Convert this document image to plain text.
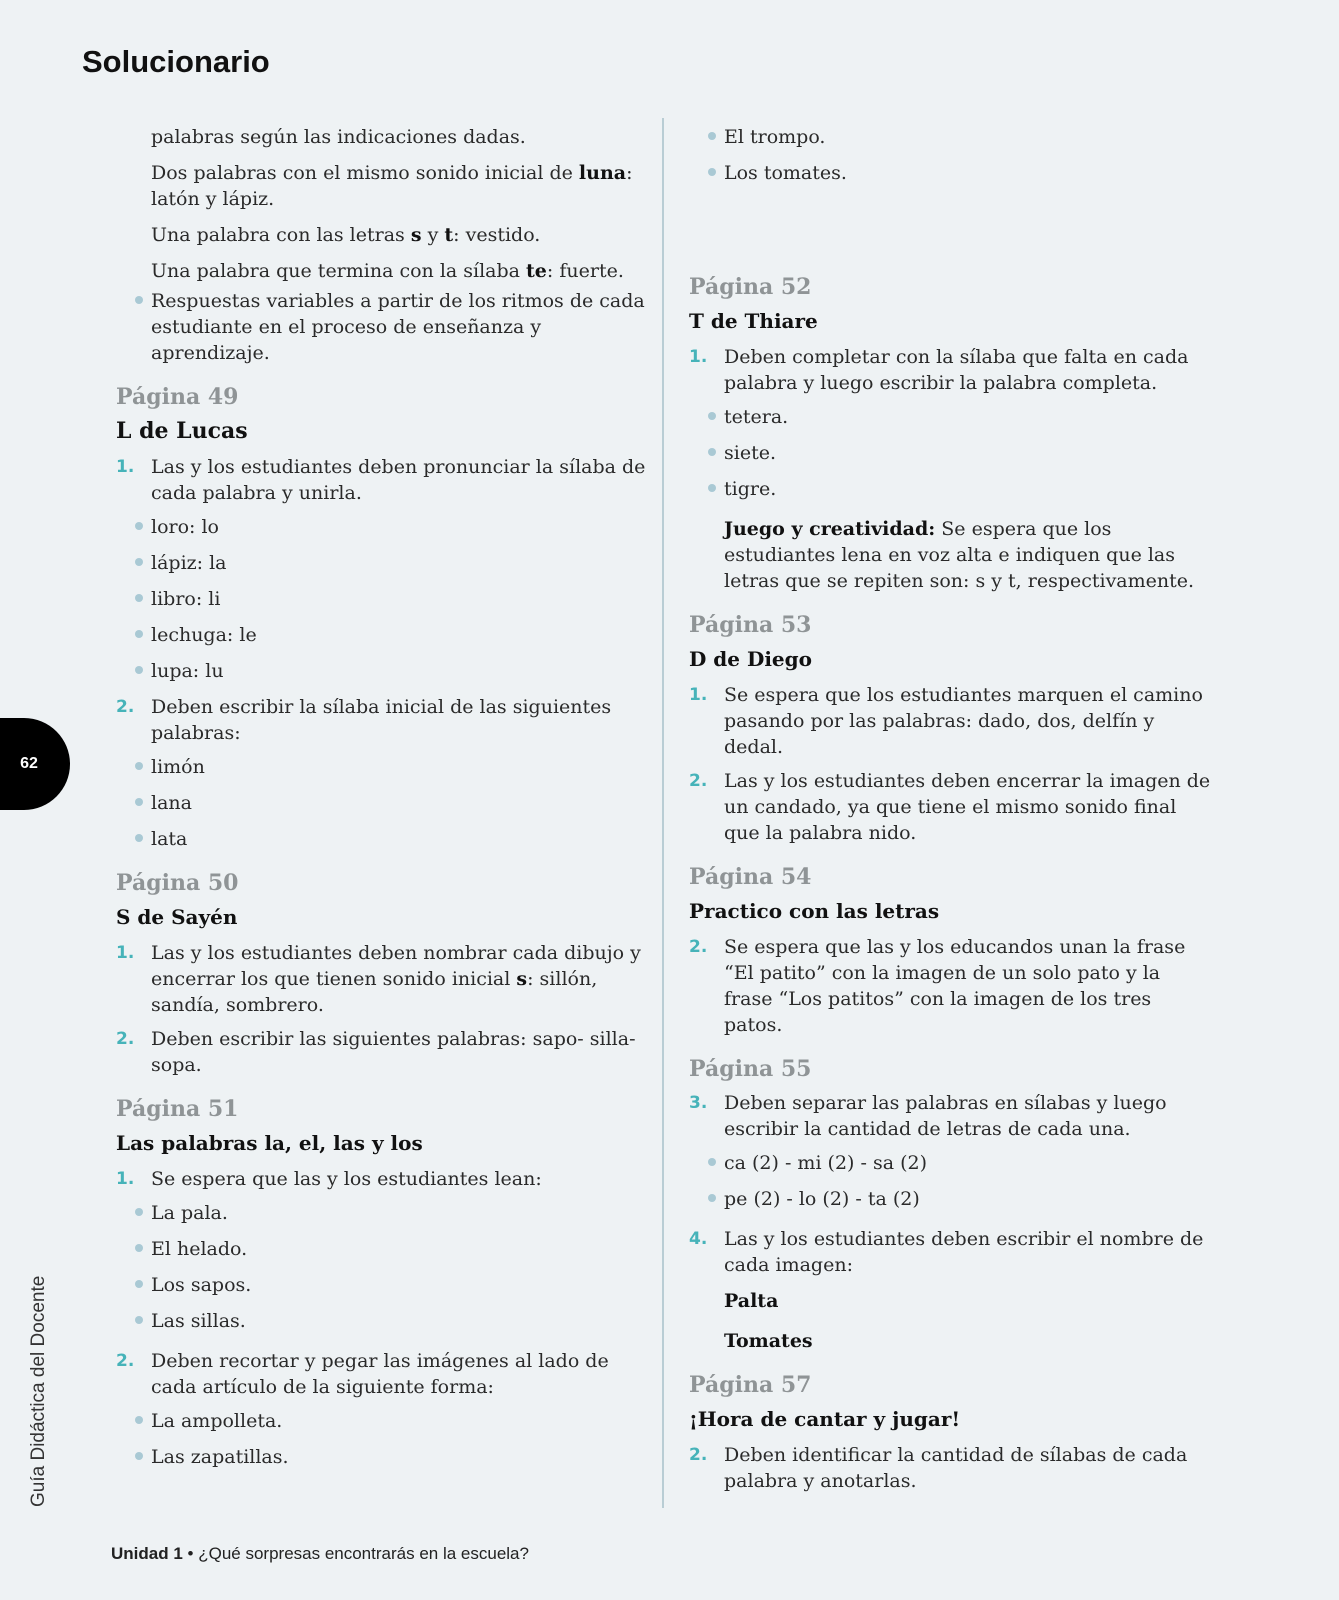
Solucionario
62
Guía Didáctica del Docente
palabras según las indicaciones dadas.
Dos palabras con el mismo sonido inicial de luna: latón y lápiz.
Una palabra con las letras s y t: vestido.
Una palabra que termina con la sílaba te: fuerte.
Respuestas variables a partir de los ritmos de cada estudiante en el proceso de enseñanza y aprendizaje.
Página 49
L de Lucas
1. Las y los estudiantes deben pronunciar la sílaba de cada palabra y unirla.
loro: lo
lápiz: la
libro: li
lechuga: le
lupa: lu
2. Deben escribir la sílaba inicial de las siguientes palabras:
limón
lana
lata
Página 50
S de Sayén
1. Las y los estudiantes deben nombrar cada dibujo y encerrar los que tienen sonido inicial s: sillón, sandía, sombrero.
2. Deben escribir las siguientes palabras: sapo- silla- sopa.
Página 51
Las palabras la, el, las y los
1. Se espera que las y los estudiantes lean:
La pala.
El helado.
Los sapos.
Las sillas.
2. Deben recortar y pegar las imágenes al lado de cada artículo de la siguiente forma:
La ampolleta.
Las zapatillas.
El trompo.
Los tomates.
Página 52
T de Thiare
1. Deben completar con la sílaba que falta en cada palabra y luego escribir la palabra completa.
tetera.
siete.
tigre.
Juego y creatividad: Se espera que los estudiantes lena en voz alta e indiquen que las letras que se repiten son: s y t, respectivamente.
Página 53
D de Diego
1. Se espera que los estudiantes marquen el camino pasando por las palabras: dado, dos, delfín y dedal.
2. Las y los estudiantes deben encerrar la imagen de un candado, ya que tiene el mismo sonido final que la palabra nido.
Página 54
Practico con las letras
2. Se espera que las y los educandos unan la frase “El patito” con la imagen de un solo pato y la frase “Los patitos” con la imagen de los tres patos.
Página 55
3. Deben separar las palabras en sílabas y luego escribir la cantidad de letras de cada una.
ca (2) - mi (2) - sa (2)
pe (2) - lo (2) - ta (2)
4. Las y los estudiantes deben escribir el nombre de cada imagen:
Palta
Tomates
Página 57
¡Hora de cantar y jugar!
2. Deben identificar la cantidad de sílabas de cada palabra y anotarlas.
Unidad 1 • ¿Qué sorpresas encontrarás en la escuela?
